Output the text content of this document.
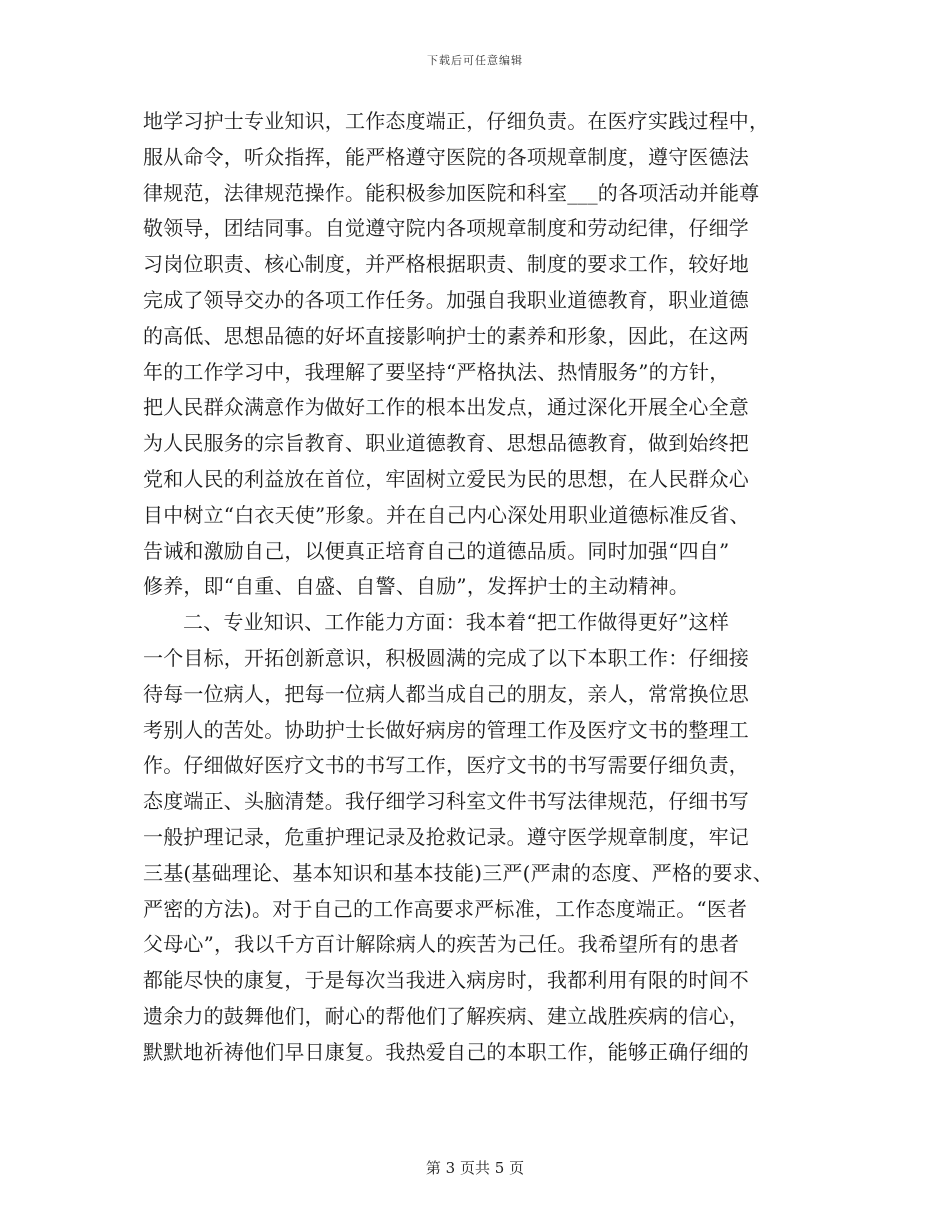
下载后可任意编辑
地学习护士专业知识，工作态度端正，仔细负责。在医疗实践过程中，
服从命令，听众指挥，能严格遵守医院的各项规章制度，遵守医德法
律规范，法律规范操作。能积极参加医院和科室___的各项活动并能尊
敬领导，团结同事。自觉遵守院内各项规章制度和劳动纪律，仔细学
习岗位职责、核心制度，并严格根据职责、制度的要求工作，较好地
完成了领导交办的各项工作任务。加强自我职业道德教育，职业道德
的高低、思想品德的好坏直接影响护士的素养和形象，因此，在这两
年的工作学习中，我理解了要坚持“严格执法、热情服务”的方针，
把人民群众满意作为做好工作的根本出发点，通过深化开展全心全意
为人民服务的宗旨教育、职业道德教育、思想品德教育，做到始终把
党和人民的利益放在首位，牢固树立爱民为民的思想，在人民群众心
目中树立“白衣天使”形象。并在自己内心深处用职业道德标准反省、
告诫和激励自己，以便真正培育自己的道德品质。同时加强“四自”
修养，即“自重、自盛、自警、自励”，发挥护士的主动精神。
二、专业知识、工作能力方面：我本着“把工作做得更好”这样
一个目标，开拓创新意识，积极圆满的完成了以下本职工作：仔细接
待每一位病人，把每一位病人都当成自己的朋友，亲人，常常换位思
考别人的苦处。协助护士长做好病房的管理工作及医疗文书的整理工
作。仔细做好医疗文书的书写工作，医疗文书的书写需要仔细负责，
态度端正、头脑清楚。我仔细学习科室文件书写法律规范，仔细书写
一般护理记录，危重护理记录及抢救记录。遵守医学规章制度，牢记
三基(基础理论、基本知识和基本技能)三严(严肃的态度、严格的要求、
严密的方法)。对于自己的工作高要求严标准，工作态度端正。“医者
父母心”，我以千方百计解除病人的疾苦为己任。我希望所有的患者
都能尽快的康复，于是每次当我进入病房时，我都利用有限的时间不
遗余力的鼓舞他们，耐心的帮他们了解疾病、建立战胜疾病的信心，
默默地祈祷他们早日康复。我热爱自己的本职工作，能够正确仔细的
第 3 页共 5 页
